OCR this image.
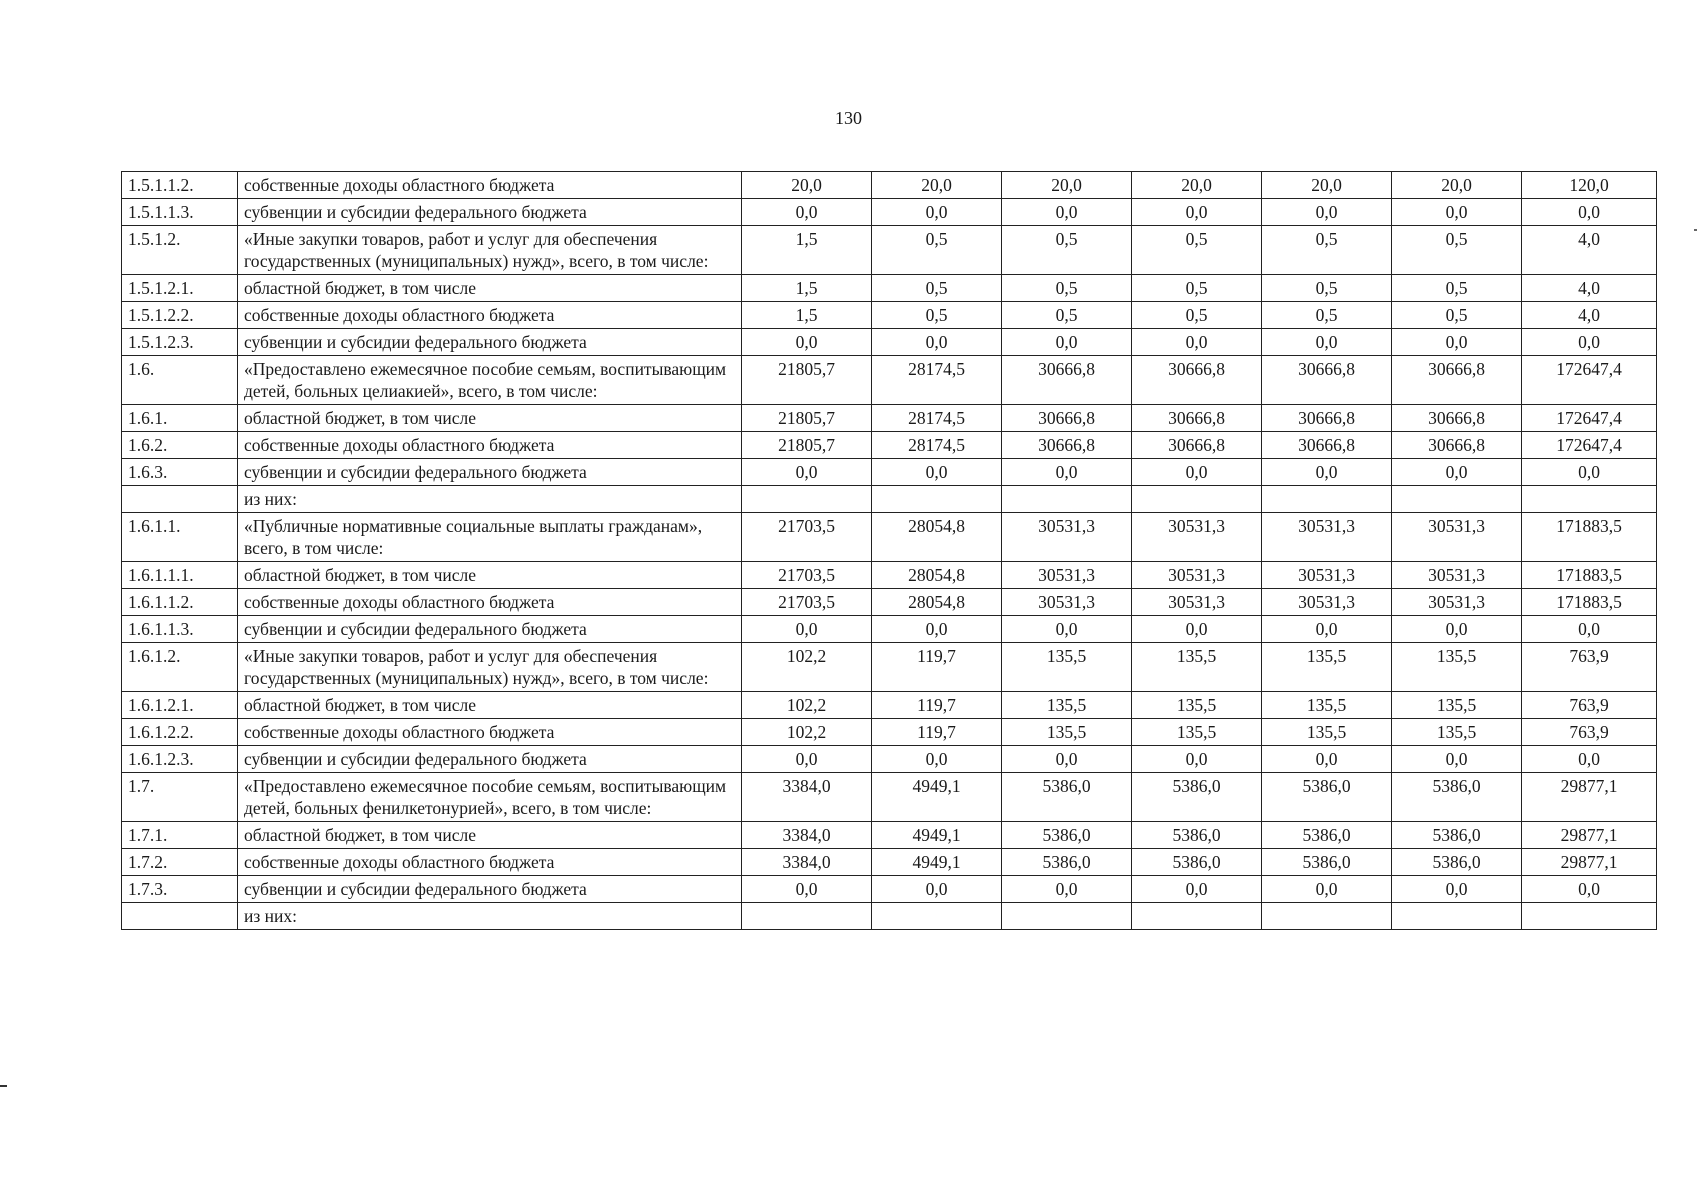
130
1.5.1.1.2.	собственные доходы областного бюджета	20,0	20,0	20,0	20,0	20,0	20,0	120,0
1.5.1.1.3.	субвенции и субсидии федерального бюджета	0,0	0,0	0,0	0,0	0,0	0,0	0,0
1.5.1.2.	«Иные закупки товаров, работ и услуг для обеспечения государственных (муниципальных) нужд», всего, в том числе:	1,5	0,5	0,5	0,5	0,5	0,5	4,0
1.5.1.2.1.	областной бюджет, в том числе	1,5	0,5	0,5	0,5	0,5	0,5	4,0
1.5.1.2.2.	собственные доходы областного бюджета	1,5	0,5	0,5	0,5	0,5	0,5	4,0
1.5.1.2.3.	субвенции и субсидии федерального бюджета	0,0	0,0	0,0	0,0	0,0	0,0	0,0
1.6.	«Предоставлено ежемесячное пособие семьям, воспитывающим детей, больных целиакией», всего, в том числе:	21805,7	28174,5	30666,8	30666,8	30666,8	30666,8	172647,4
1.6.1.	областной бюджет, в том числе	21805,7	28174,5	30666,8	30666,8	30666,8	30666,8	172647,4
1.6.2.	собственные доходы областного бюджета	21805,7	28174,5	30666,8	30666,8	30666,8	30666,8	172647,4
1.6.3.	субвенции и субсидии федерального бюджета	0,0	0,0	0,0	0,0	0,0	0,0	0,0
	из них:							
1.6.1.1.	«Публичные нормативные социальные выплаты гражданам», всего, в том числе:	21703,5	28054,8	30531,3	30531,3	30531,3	30531,3	171883,5
1.6.1.1.1.	областной бюджет, в том числе	21703,5	28054,8	30531,3	30531,3	30531,3	30531,3	171883,5
1.6.1.1.2.	собственные доходы областного бюджета	21703,5	28054,8	30531,3	30531,3	30531,3	30531,3	171883,5
1.6.1.1.3.	субвенции и субсидии федерального бюджета	0,0	0,0	0,0	0,0	0,0	0,0	0,0
1.6.1.2.	«Иные закупки товаров, работ и услуг для обеспечения государственных (муниципальных) нужд», всего, в том числе:	102,2	119,7	135,5	135,5	135,5	135,5	763,9
1.6.1.2.1.	областной бюджет, в том числе	102,2	119,7	135,5	135,5	135,5	135,5	763,9
1.6.1.2.2.	собственные доходы областного бюджета	102,2	119,7	135,5	135,5	135,5	135,5	763,9
1.6.1.2.3.	субвенции и субсидии федерального бюджета	0,0	0,0	0,0	0,0	0,0	0,0	0,0
1.7.	«Предоставлено ежемесячное пособие семьям, воспитывающим детей, больных фенилкетонурией», всего, в том числе:	3384,0	4949,1	5386,0	5386,0	5386,0	5386,0	29877,1
1.7.1.	областной бюджет, в том числе	3384,0	4949,1	5386,0	5386,0	5386,0	5386,0	29877,1
1.7.2.	собственные доходы областного бюджета	3384,0	4949,1	5386,0	5386,0	5386,0	5386,0	29877,1
1.7.3.	субвенции и субсидии федерального бюджета	0,0	0,0	0,0	0,0	0,0	0,0	0,0
	из них:							
